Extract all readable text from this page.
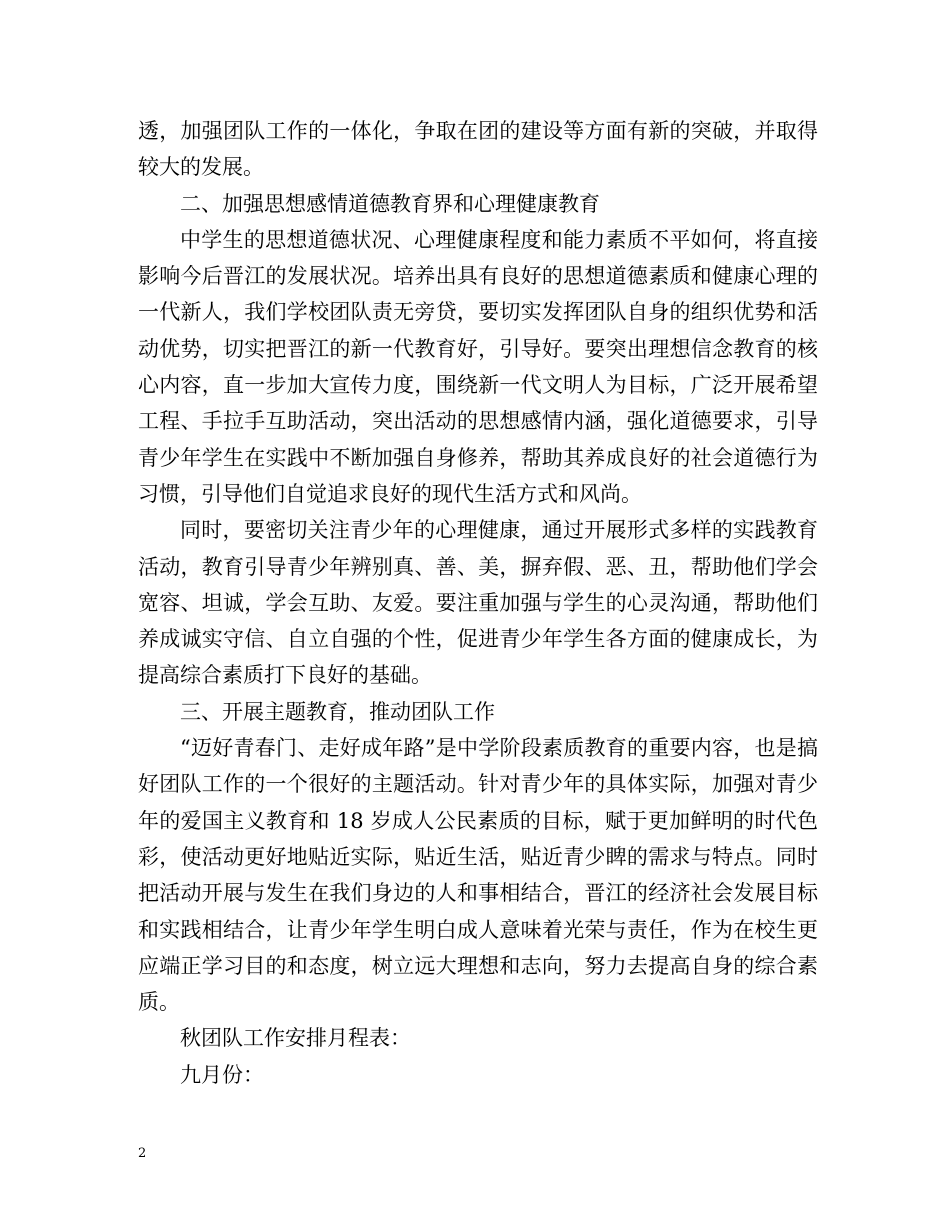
透，加强团队工作的一体化，争取在团的建设等方面有新的突破，并取得较大的发展。

二、加强思想感情道德教育界和心理健康教育

中学生的思想道德状况、心理健康程度和能力素质不平如何，将直接影响今后晋江的发展状况。培养出具有良好的思想道德素质和健康心理的一代新人，我们学校团队责无旁贷，要切实发挥团队自身的组织优势和活动优势，切实把晋江的新一代教育好，引导好。要突出理想信念教育的核心内容，直一步加大宣传力度，围绕新一代文明人为目标，广泛开展希望工程、手拉手互助活动，突出活动的思想感情内涵，强化道德要求，引导青少年学生在实践中不断加强自身修养，帮助其养成良好的社会道德行为习惯，引导他们自觉追求良好的现代生活方式和风尚。

同时，要密切关注青少年的心理健康，通过开展形式多样的实践教育活动，教育引导青少年辨别真、善、美，摒弃假、恶、丑，帮助他们学会宽容、坦诚，学会互助、友爱。要注重加强与学生的心灵沟通，帮助他们养成诚实守信、自立自强的个性，促进青少年学生各方面的健康成长，为提高综合素质打下良好的基础。

三、开展主题教育，推动团队工作

“迈好青春门、走好成年路”是中学阶段素质教育的重要内容，也是搞好团队工作的一个很好的主题活动。针对青少年的具体实际，加强对青少年的爱国主义教育和 18 岁成人公民素质的目标，赋于更加鲜明的时代色彩，使活动更好地贴近实际，贴近生活，贴近青少睥的需求与特点。同时把活动开展与发生在我们身边的人和事相结合，晋江的经济社会发展目标和实践相结合，让青少年学生明白成人意味着光荣与责任，作为在校生更应端正学习目的和态度，树立远大理想和志向，努力去提高自身的综合素质。

秋团队工作安排月程表：

九月份：

2
